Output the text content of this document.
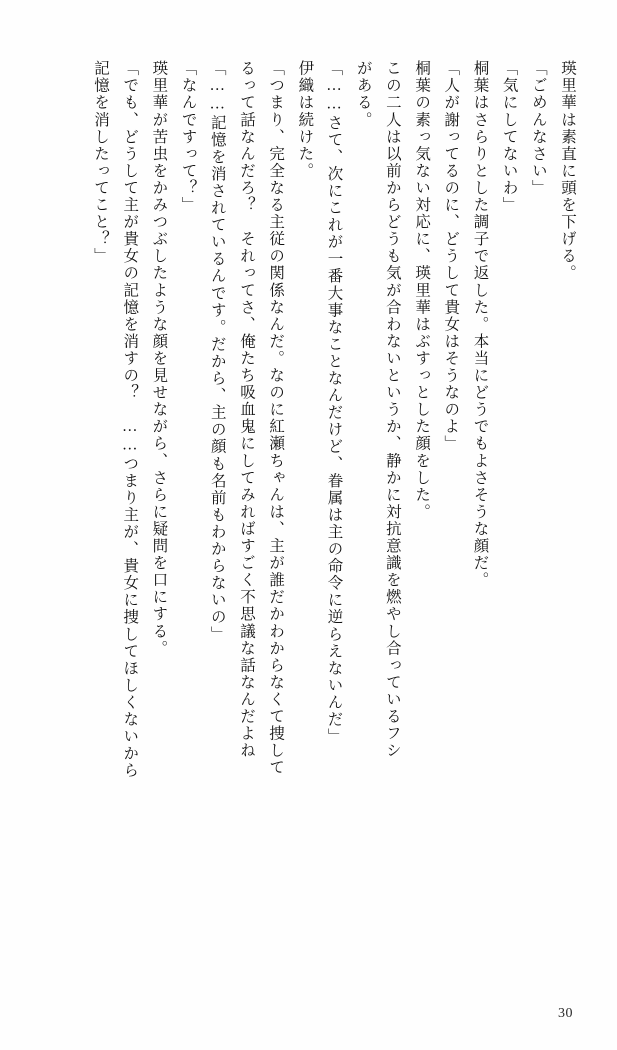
瑛里華は素直に頭を下げる。
「ごめんなさい」
「気にしてないわ」
桐葉はさらりとした調子で返した。本当にどうでもよさそうな顔だ。
「人が謝ってるのに、どうして貴女はそうなのよ」
桐葉の素っ気ない対応に、瑛里華はぶすっとした顔をした。
この二人は以前からどうも気が合わないというか、静かに対抗意識を燃やし合っているフシ
がある。
「……さて、次にこれが一番大事なことなんだけど、眷属は主の命令に逆らえないんだ」
伊織は続けた。
「つまり、完全なる主従の関係なんだ。なのに紅瀬ちゃんは、主が誰だかわからなくて捜して
るって話なんだろ？　それってさ、俺たち吸血鬼にしてみればすごく不思議な話なんだよね
「……記憶を消されているんです。だから、主の顔も名前もわからないの」
「なんですって？」
瑛里華が苦虫をかみつぶしたような顔を見せながら、さらに疑問を口にする。
「でも、どうして主が貴女の記憶を消すの？　……つまり主が、貴女に捜してほしくないから
記憶を消したってこと？」
30
